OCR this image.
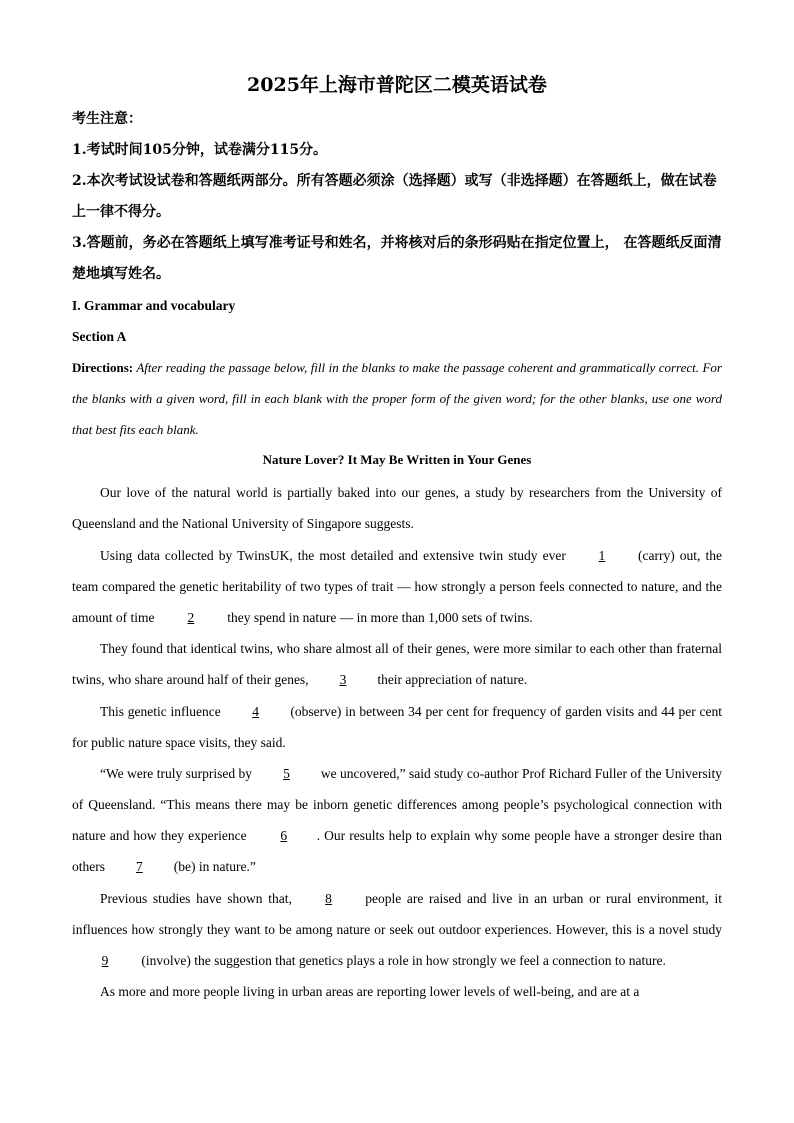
2025年上海市普陀区二模英语试卷
考生注意：
1.考试时间105分钟，试卷满分115分。
2.本次考试设试卷和答题纸两部分。所有答题必须涂（选择题）或写（非选择题）在答题纸上，做在试卷上一律不得分。
3.答题前，务必在答题纸上填写准考证号和姓名，并将核对后的条形码贴在指定位置上， 在答题纸反面清楚地填写姓名。
I. Grammar and vocabulary
Section A
Directions: After reading the passage below, fill in the blanks to make the passage coherent and grammatically correct. For the blanks with a given word, fill in each blank with the proper form of the given word; for the other blanks, use one word that best fits each blank.
Nature Lover? It May Be Written in Your Genes
Our love of the natural world is partially baked into our genes, a study by researchers from the University of Queensland and the National University of Singapore suggests.
Using data collected by TwinsUK, the most detailed and extensive twin study ever 1 (carry) out, the team compared the genetic heritability of two types of trait — how strongly a person feels connected to nature, and the amount of time 2 they spend in nature — in more than 1,000 sets of twins.
They found that identical twins, who share almost all of their genes, were more similar to each other than fraternal twins, who share around half of their genes, 3 their appreciation of nature.
This genetic influence 4 (observe) in between 34 per cent for frequency of garden visits and 44 per cent for public nature space visits, they said.
“We were truly surprised by 5 we uncovered,” said study co-author Prof Richard Fuller of the University of Queensland. “This means there may be inborn genetic differences among people’s psychological connection with nature and how they experience 6 . Our results help to explain why some people have a stronger desire than others 7 (be) in nature.”
Previous studies have shown that, 8 people are raised and live in an urban or rural environment, it influences how strongly they want to be among nature or seek out outdoor experiences. However, this is a novel study 9 (involve) the suggestion that genetics plays a role in how strongly we feel a connection to nature.
As more and more people living in urban areas are reporting lower levels of well-being, and are at a
